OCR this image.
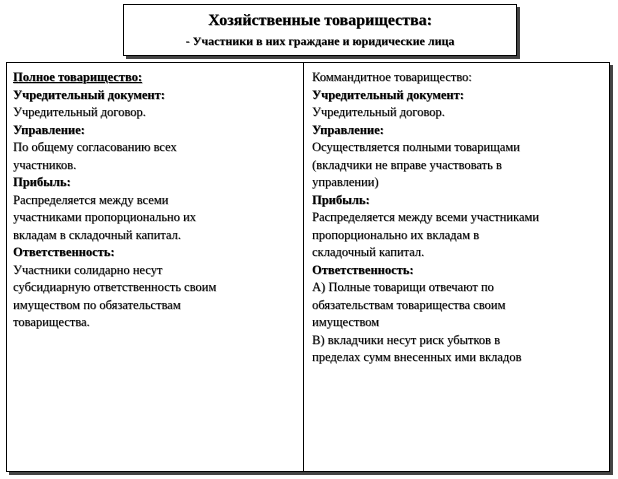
Хозяйственные товарищества:
- Участники в них граждане и юридические лица
Полное товарищество:
Учредительный документ:
Учредительный договор.
Управление:
По общему согласованию всех
участников.
Прибыль:
Распределяется между всеми
участниками пропорционально их
вкладам в складочный капитал.
Ответственность:
Участники солидарно несут
субсидиарную ответственность своим
имуществом по обязательствам
товарищества.
Коммандитное товарищество:
Учредительный документ:
Учредительный договор.
Управление:
Осуществляется полными товарищами
(вкладчики не вправе участвовать в
управлении)
Прибыль:
Распределяется между всеми участниками
пропорционально их вкладам в
складочный капитал.
Ответственность:
А) Полные товарищи отвечают по
обязательствам товарищества своим
имуществом
В) вкладчики несут риск убытков в
пределах сумм внесенных ими вкладов
